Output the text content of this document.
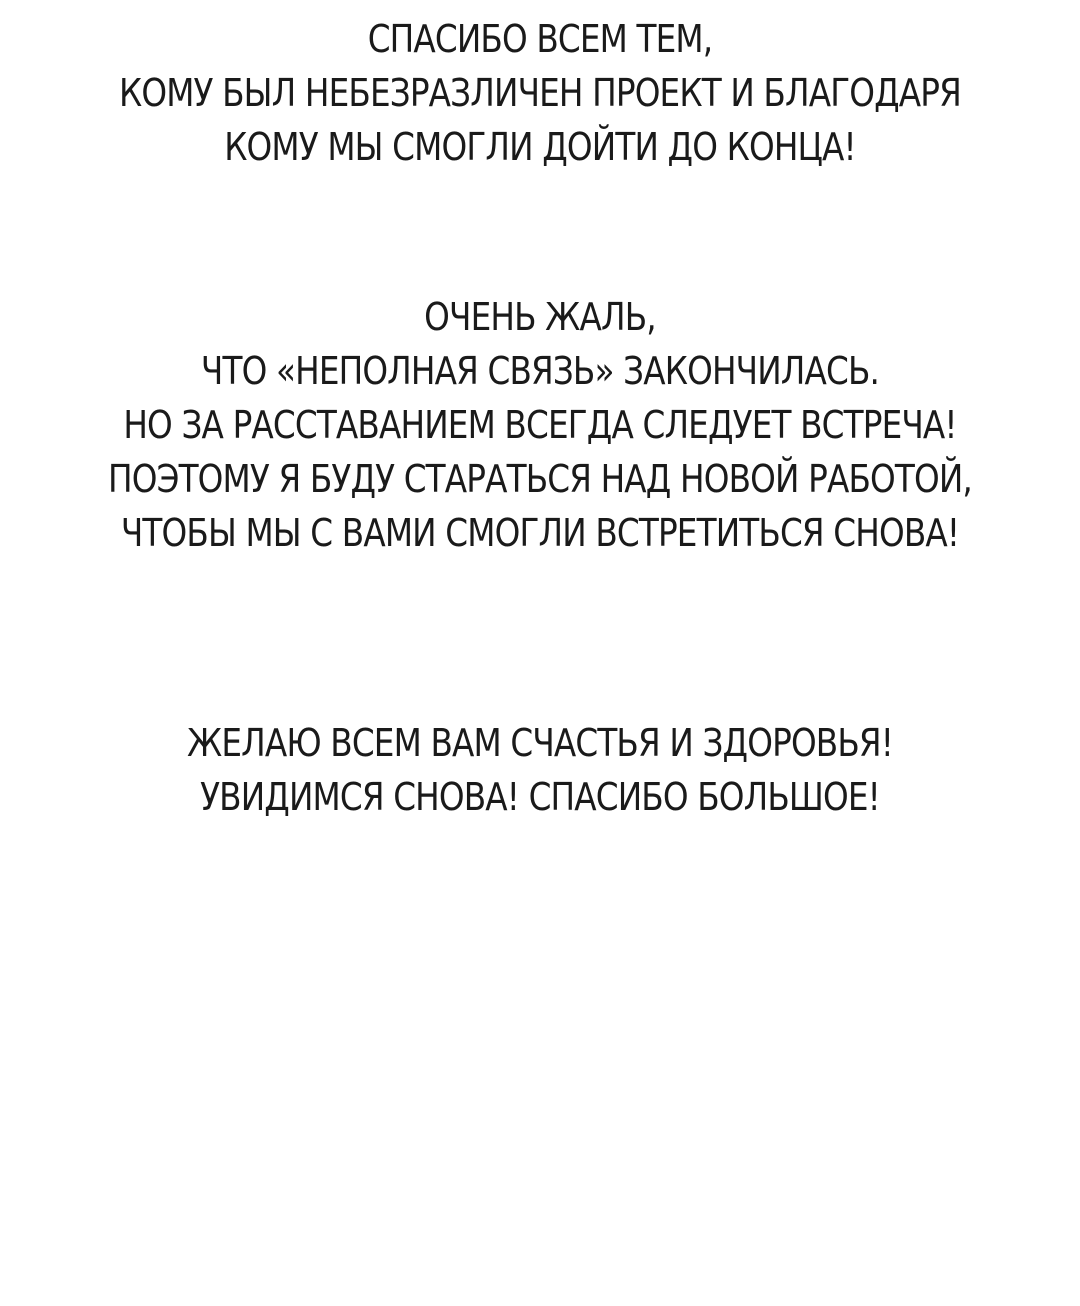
СПАСИБО ВСЕМ ТЕМ,
КОМУ БЫЛ НЕБЕЗРАЗЛИЧЕН ПРОЕКТ И БЛАГОДАРЯ
КОМУ МЫ СМОГЛИ ДОЙТИ ДО КОНЦА!
ОЧЕНЬ ЖАЛЬ,
ЧТО «НЕПОЛНАЯ СВЯЗЬ» ЗАКОНЧИЛАСЬ.
НО ЗА РАССТАВАНИЕМ ВСЕГДА СЛЕДУЕТ ВСТРЕЧА!
ПОЭТОМУ Я БУДУ СТАРАТЬСЯ НАД НОВОЙ РАБОТОЙ,
ЧТОБЫ МЫ С ВАМИ СМОГЛИ ВСТРЕТИТЬСЯ СНОВА!
ЖЕЛАЮ ВСЕМ ВАМ СЧАСТЬЯ И ЗДОРОВЬЯ!
УВИДИМСЯ СНОВА! СПАСИБО БОЛЬШОЕ!
